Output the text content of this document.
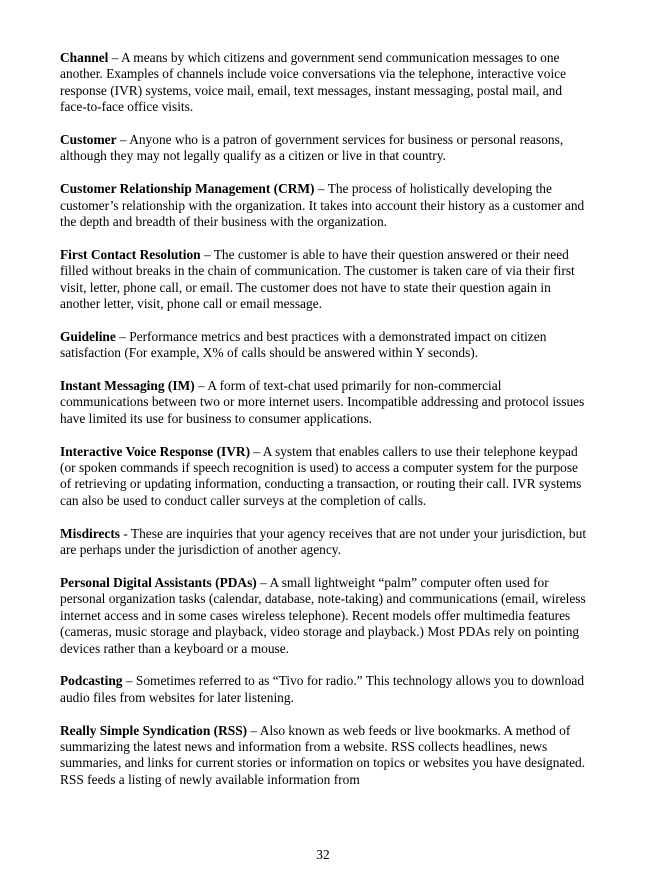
Channel – A means by which citizens and government send communication messages to one another. Examples of channels include voice conversations via the telephone, interactive voice response (IVR) systems, voice mail, email, text messages, instant messaging, postal mail, and face-to-face office visits.

Customer – Anyone who is a patron of government services for business or personal reasons, although they may not legally qualify as a citizen or live in that country.

Customer Relationship Management (CRM) – The process of holistically developing the customer’s relationship with the organization. It takes into account their history as a customer and the depth and breadth of their business with the organization.

First Contact Resolution – The customer is able to have their question answered or their need filled without breaks in the chain of communication. The customer is taken care of via their first visit, letter, phone call, or email. The customer does not have to state their question again in another letter, visit, phone call or email message.

Guideline – Performance metrics and best practices with a demonstrated impact on citizen satisfaction (For example, X% of calls should be answered within Y seconds).

Instant Messaging (IM) – A form of text-chat used primarily for non-commercial communications between two or more internet users. Incompatible addressing and protocol issues have limited its use for business to consumer applications.

Interactive Voice Response (IVR) – A system that enables callers to use their telephone keypad (or spoken commands if speech recognition is used) to access a computer system for the purpose of retrieving or updating information, conducting a transaction, or routing their call. IVR systems can also be used to conduct caller surveys at the completion of calls.

Misdirects - These are inquiries that your agency receives that are not under your jurisdiction, but are perhaps under the jurisdiction of another agency.

Personal Digital Assistants (PDAs) – A small lightweight “palm” computer often used for personal organization tasks (calendar, database, note-taking) and communications (email, wireless internet access and in some cases wireless telephone). Recent models offer multimedia features (cameras, music storage and playback, video storage and playback.) Most PDAs rely on pointing devices rather than a keyboard or a mouse.

Podcasting – Sometimes referred to as “Tivo for radio.” This technology allows you to download audio files from websites for later listening.

Really Simple Syndication (RSS) – Also known as web feeds or live bookmarks. A method of summarizing the latest news and information from a website. RSS collects headlines, news summaries, and links for current stories or information on topics or websites you have designated. RSS feeds a listing of newly available information from

32
